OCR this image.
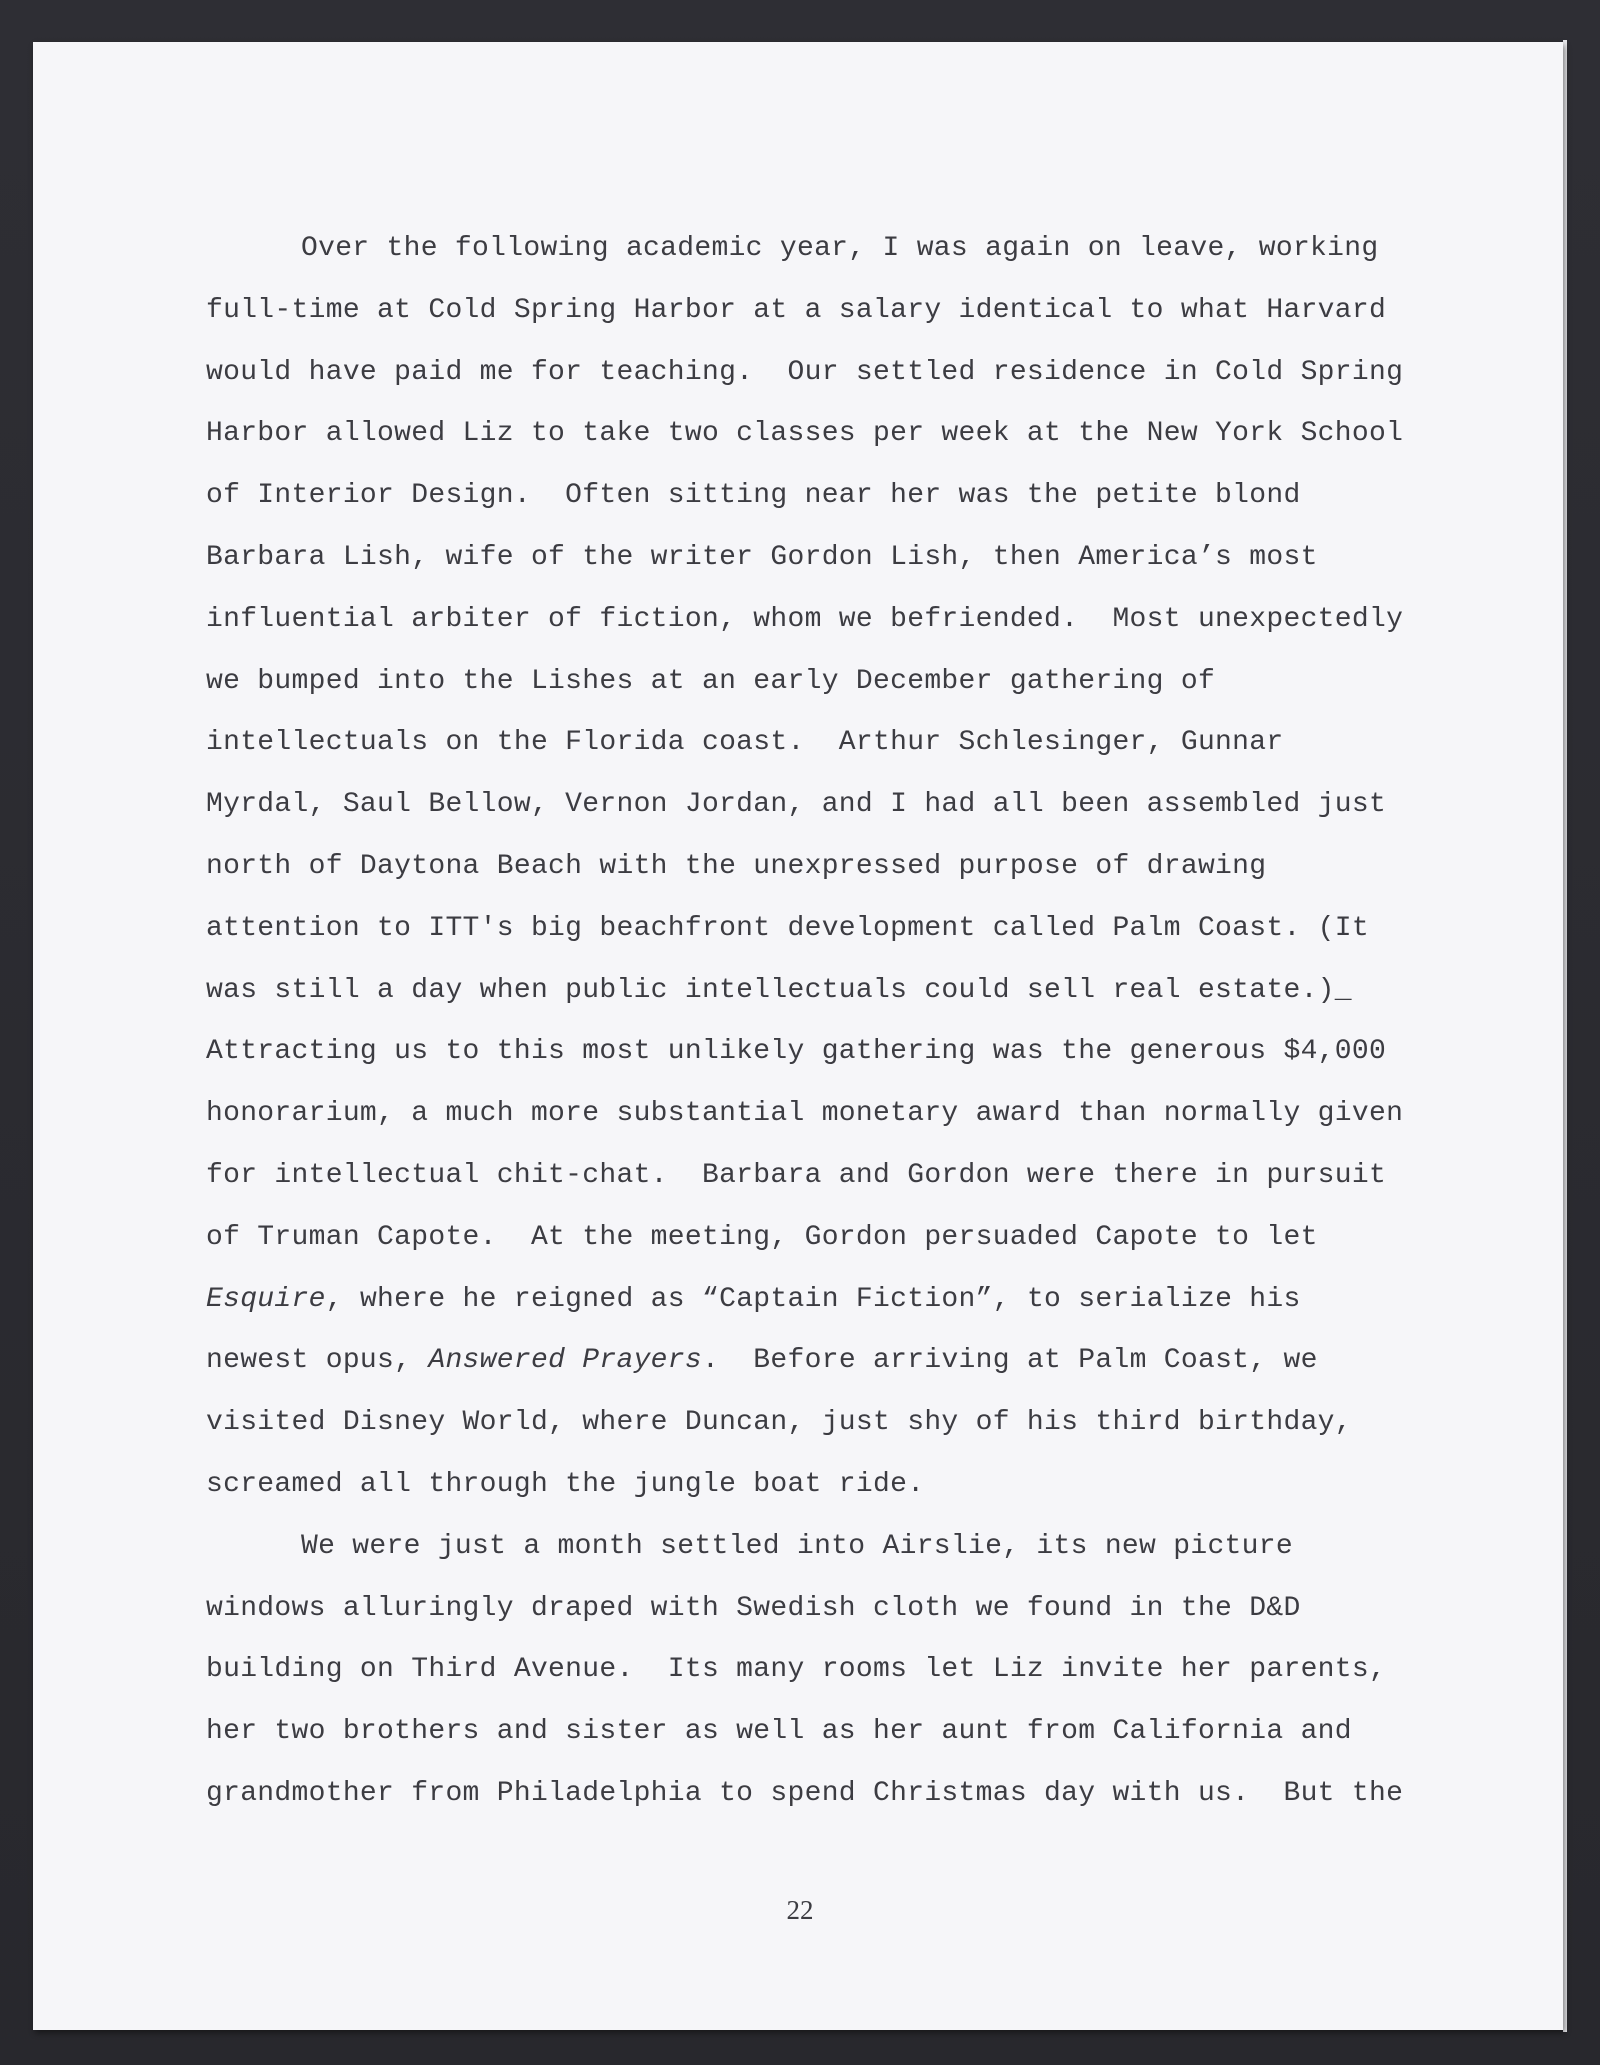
Over the following academic year, I was again on leave, working
full-time at Cold Spring Harbor at a salary identical to what Harvard
would have paid me for teaching.  Our settled residence in Cold Spring
Harbor allowed Liz to take two classes per week at the New York School
of Interior Design.  Often sitting near her was the petite blond
Barbara Lish, wife of the writer Gordon Lish, then America’s most
influential arbiter of fiction, whom we befriended.  Most unexpectedly
we bumped into the Lishes at an early December gathering of
intellectuals on the Florida coast.  Arthur Schlesinger, Gunnar
Myrdal, Saul Bellow, Vernon Jordan, and I had all been assembled just
north of Daytona Beach with the unexpressed purpose of drawing
attention to ITT's big beachfront development called Palm Coast. (It
was still a day when public intellectuals could sell real estate.)_
Attracting us to this most unlikely gathering was the generous $4,000
honorarium, a much more substantial monetary award than normally given
for intellectual chit-chat.  Barbara and Gordon were there in pursuit
of Truman Capote.  At the meeting, Gordon persuaded Capote to let
Esquire, where he reigned as “Captain Fiction”, to serialize his
newest opus, Answered Prayers.  Before arriving at Palm Coast, we
visited Disney World, where Duncan, just shy of his third birthday,
screamed all through the jungle boat ride.
We were just a month settled into Airslie, its new picture
windows alluringly draped with Swedish cloth we found in the D&D
building on Third Avenue.  Its many rooms let Liz invite her parents,
her two brothers and sister as well as her aunt from California and
grandmother from Philadelphia to spend Christmas day with us.  But the
22
